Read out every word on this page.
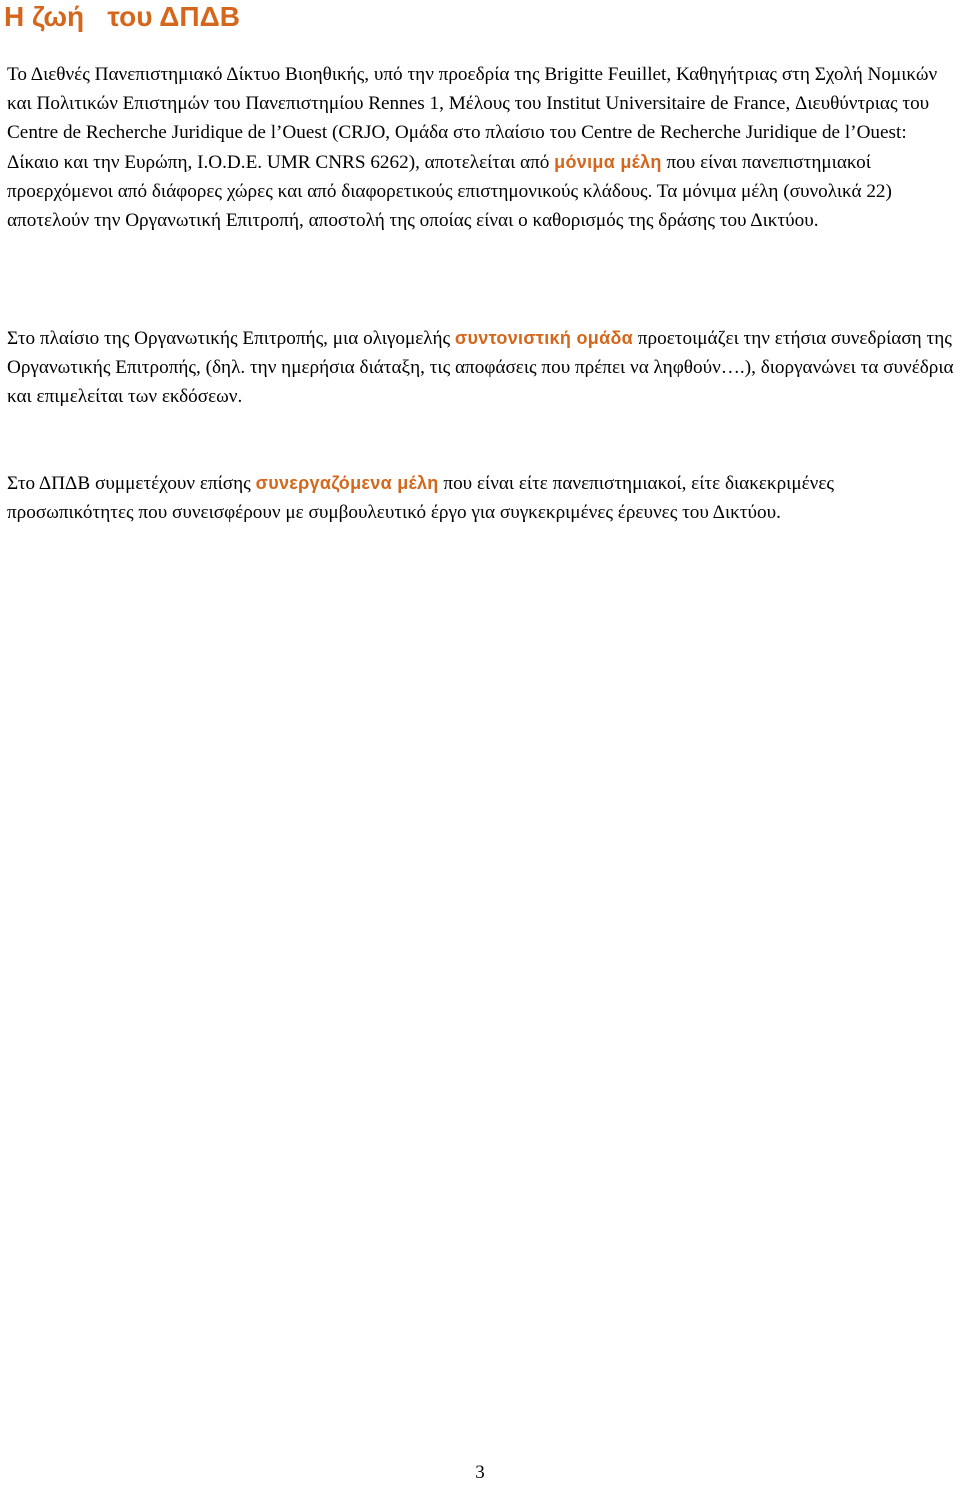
Η ζωή   του ΔΠΔΒ

Το Διεθνές Πανεπιστημιακό Δίκτυο Βιοηθικής, υπό την προεδρία της Brigitte Feuillet, Καθηγήτριας στη Σχολή Νομικών και Πολιτικών Επιστημών του Πανεπιστημίου Rennes 1, Μέλους του Institut Universitaire de France, Διευθύντριας του Centre de Recherche Juridique de l’Ouest (CRJO, Ομάδα στο πλαίσιο του Centre de Recherche Juridique de l’Ouest: Δίκαιο και την Ευρώπη, I.O.D.E. UMR CNRS 6262), αποτελείται από μόνιμα μέλη που είναι πανεπιστημιακοί προερχόμενοι από διάφορες χώρες και από διαφορετικούς επιστημονικούς κλάδους. Τα μόνιμα μέλη (συνολικά 22) αποτελούν την Οργανωτική Επιτροπή, αποστολή της οποίας είναι ο καθορισμός της δράσης του Δικτύου.

Στο πλαίσιο της Οργανωτικής Επιτροπής, μια ολιγομελής συντονιστική ομάδα προετοιμάζει την ετήσια συνεδρίαση της Οργανωτικής Επιτροπής, (δηλ. την ημερήσια διάταξη, τις αποφάσεις που πρέπει να ληφθούν….), διοργανώνει τα συνέδρια και επιμελείται των εκδόσεων.

Στο ΔΠΔΒ συμμετέχουν επίσης συνεργαζόμενα μέλη που είναι είτε πανεπιστημιακοί, είτε διακεκριμένες προσωπικότητες που συνεισφέρουν με συμβουλευτικό έργο για συγκεκριμένες έρευνες του Δικτύου.

3
